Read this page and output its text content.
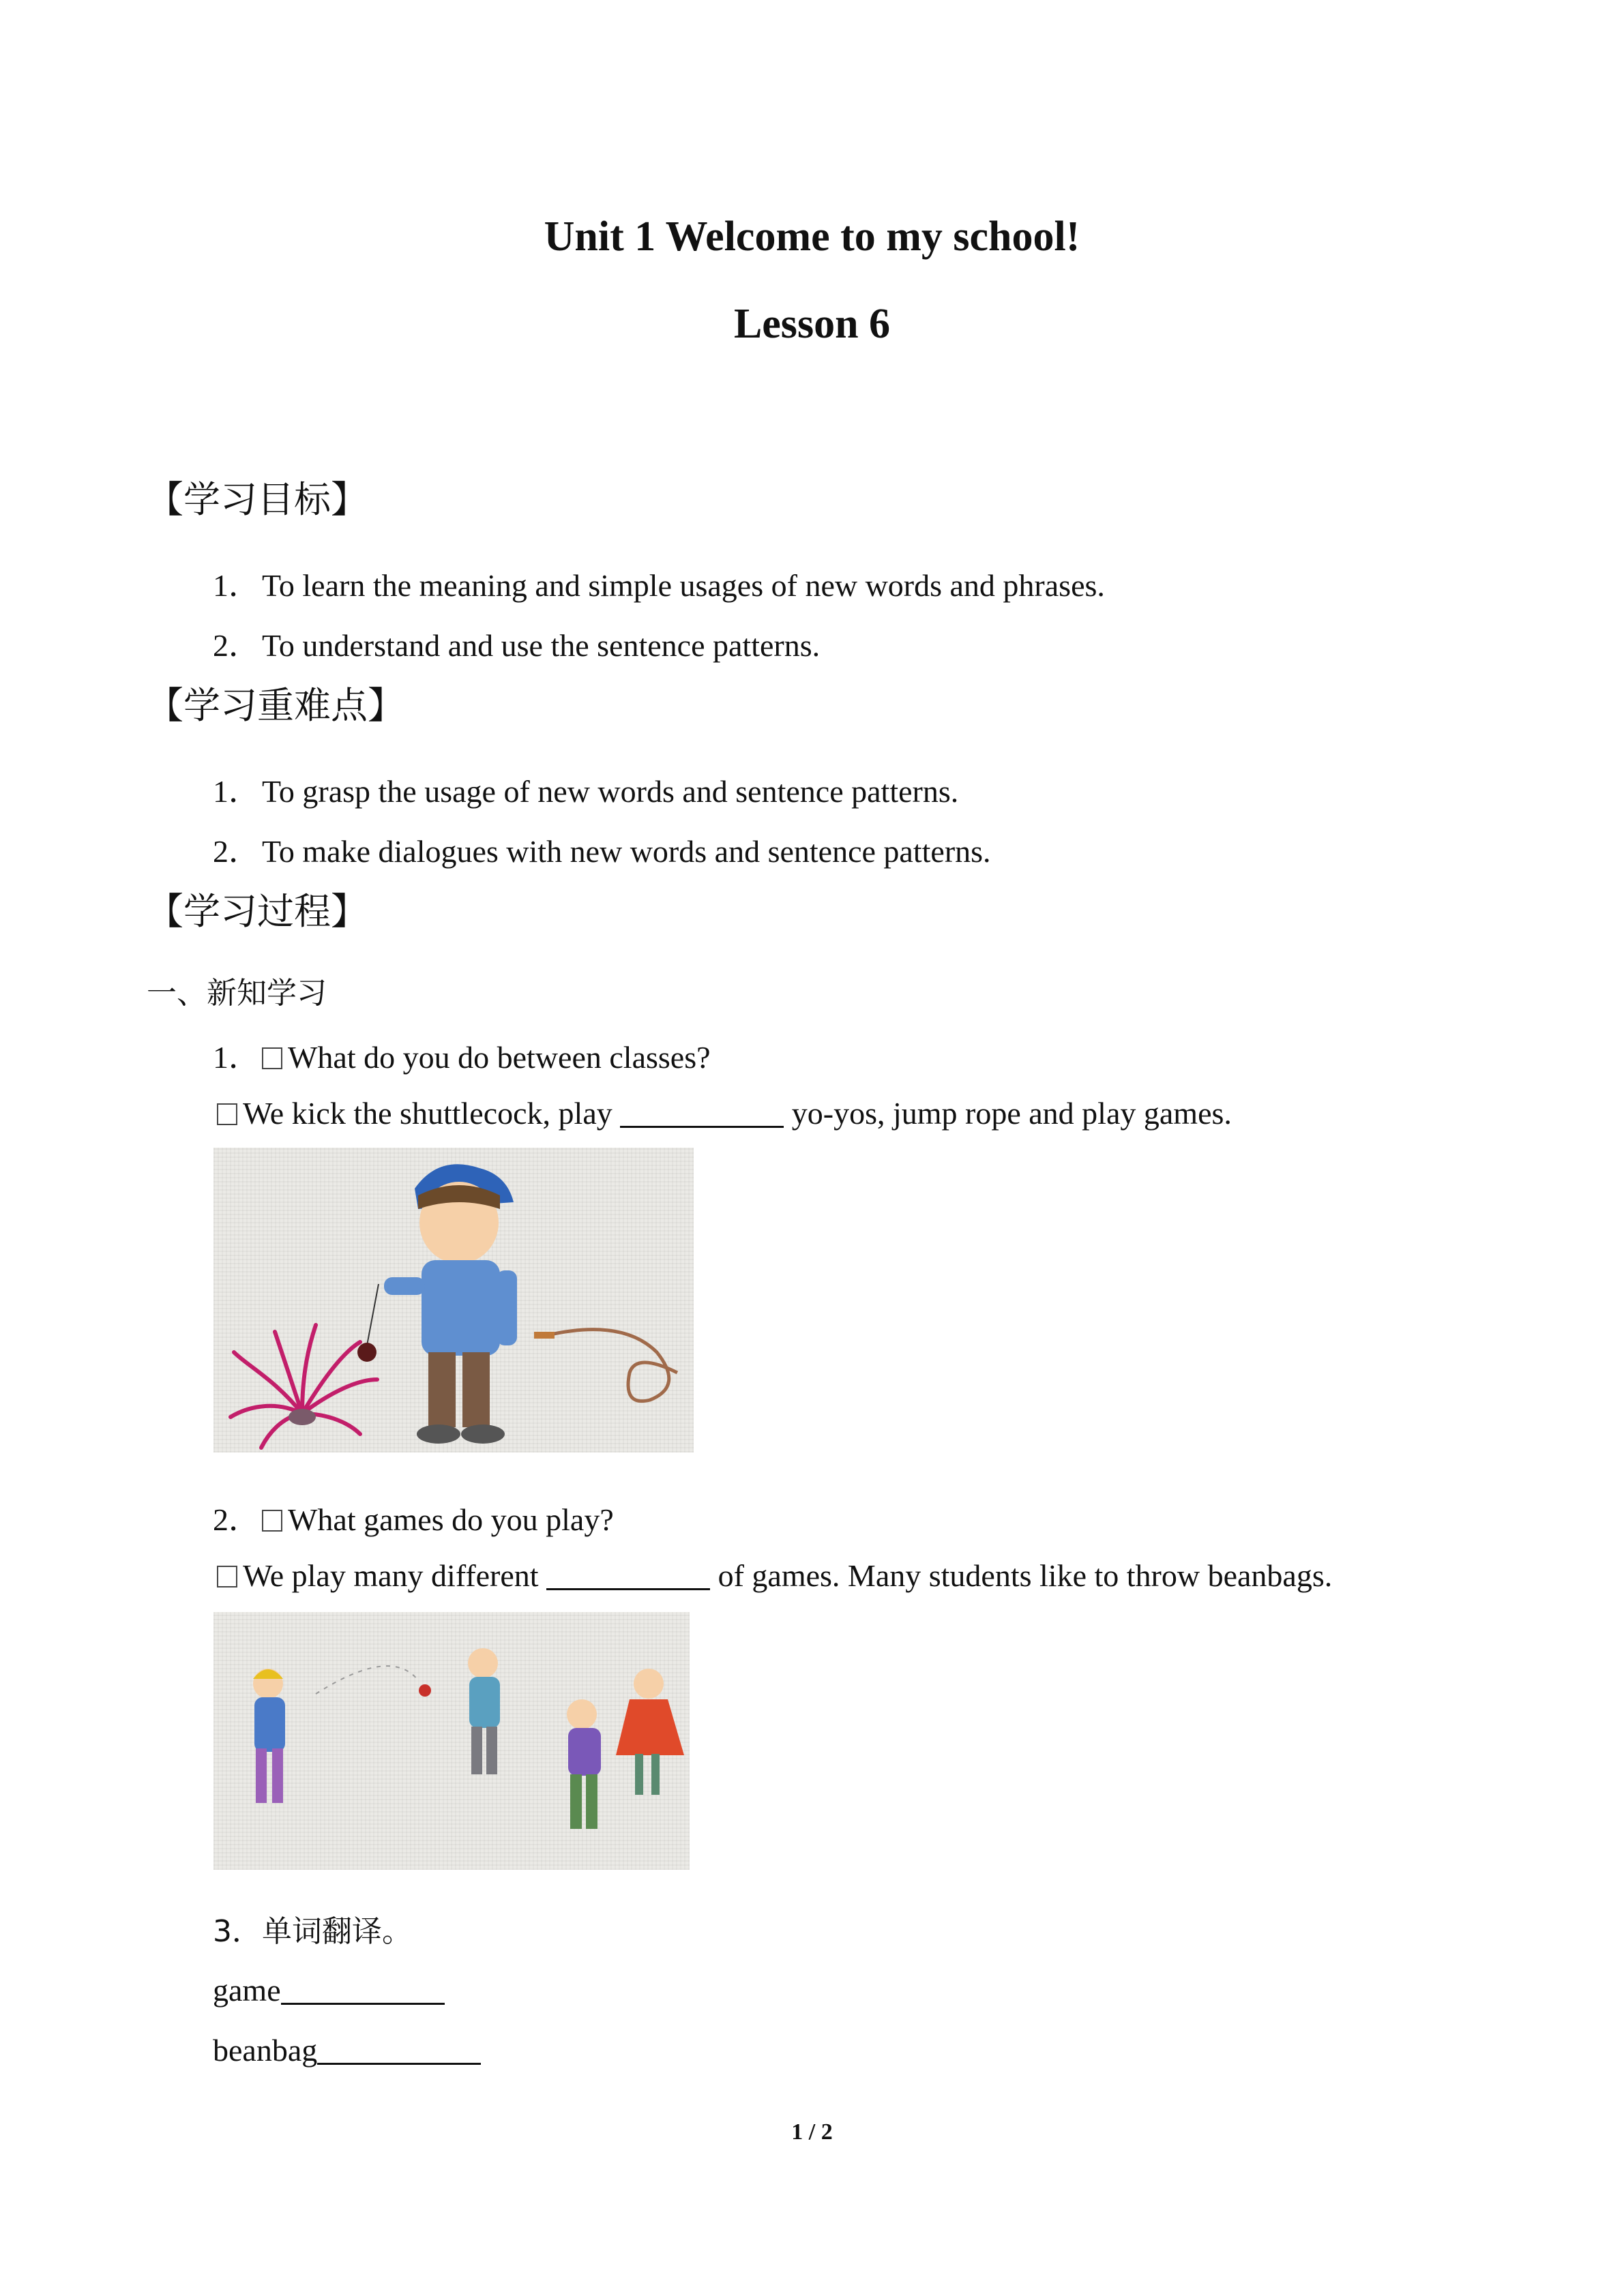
Unit 1 Welcome to my school!
Lesson 6
【学习目标】
1．To learn the meaning and simple usages of new words and phrases.
2．To understand and use the sentence patterns.
【学习重难点】
1．To grasp the usage of new words and sentence patterns.
2．To make dialogues with new words and sentence patterns.
【学习过程】
一、新知学习
1． What do you do between classes?
We kick the shuttlecock, play	yo-yos, jump rope and play games.
2． What games do you play?
We play many different	of games. Many students like to throw beanbags.
3．单词翻译。
game
beanbag
1 / 2
